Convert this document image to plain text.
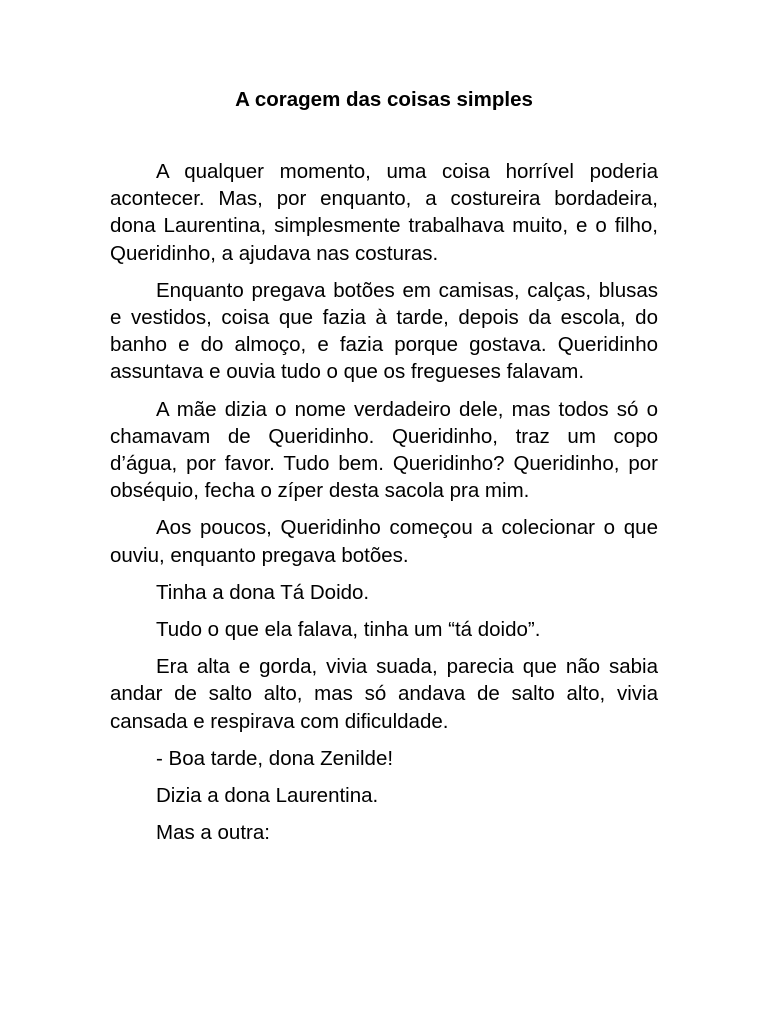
A coragem das coisas simples

A qualquer momento, uma coisa horrível poderia acontecer. Mas, por enquanto, a costureira bordadeira, dona Laurentina, simplesmente trabalhava muito, e o filho, Queridinho, a ajudava nas costuras.

Enquanto pregava botões em camisas, calças, blusas e vestidos, coisa que fazia à tarde, depois da escola, do banho e do almoço, e fazia porque gostava. Queridinho assuntava e ouvia tudo o que os fregueses falavam.

A mãe dizia o nome verdadeiro dele, mas todos só o chamavam de Queridinho. Queridinho, traz um copo d’água, por favor. Tudo bem. Queridinho? Queridinho, por obséquio, fecha o zíper desta sacola pra mim.

Aos poucos, Queridinho começou a colecionar o que ouviu, enquanto pregava botões.

Tinha a dona Tá Doido.

Tudo o que ela falava, tinha um “tá doido”.

Era alta e gorda, vivia suada, parecia que não sabia andar de salto alto, mas só andava de salto alto, vivia cansada e respirava com dificuldade.

- Boa tarde, dona Zenilde!

Dizia a dona Laurentina.

Mas a outra:
